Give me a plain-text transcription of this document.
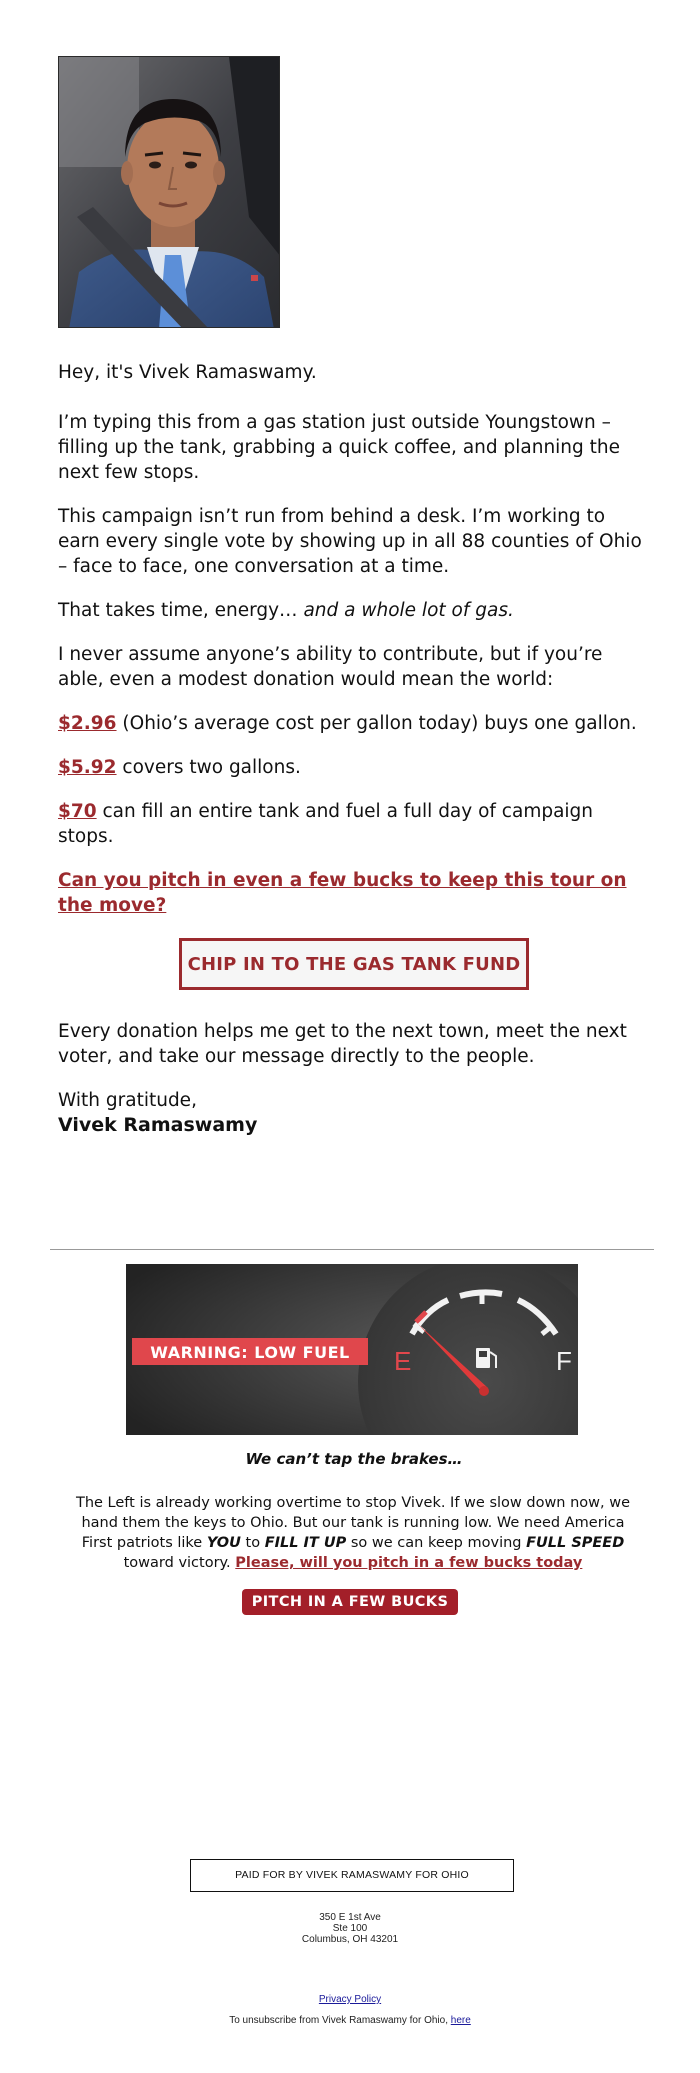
Hey, it's Vivek Ramaswamy.

I’m typing this from a gas station just outside Youngstown – filling up the tank, grabbing a quick coffee, and planning the next few stops.

This campaign isn’t run from behind a desk. I’m working to earn every single vote by showing up in all 88 counties of Ohio – face to face, one conversation at a time.

That takes time, energy… and a whole lot of gas.

I never assume anyone’s ability to contribute, but if you’re able, even a modest donation would mean the world:

$2.96 (Ohio’s average cost per gallon today) buys one gallon.

$5.92 covers two gallons.

$70 can fill an entire tank and fuel a full day of campaign stops.

Can you pitch in even a few bucks to keep this tour on the move?
CHIP IN TO THE GAS TANK FUND

Every donation helps me get to the next town, meet the next voter, and take our message directly to the people.

With gratitude,

Vivek Ramaswamy

E	F
WARNING: LOW FUEL
We can’t tap the brakes…
The Left is already working overtime to stop Vivek. If we slow down now, we hand them the keys to Ohio. But our tank is running low. We need America First patriots like YOU to FILL IT UP so we can keep moving FULL SPEED toward victory. Please, will you pitch in a few bucks today
PITCH IN A FEW BUCKS
PAID FOR BY VIVEK RAMASWAMY FOR OHIO
350 E 1st Ave
Ste 100
Columbus, OH 43201
Privacy Policy
To unsubscribe from Vivek Ramaswamy for Ohio, here
